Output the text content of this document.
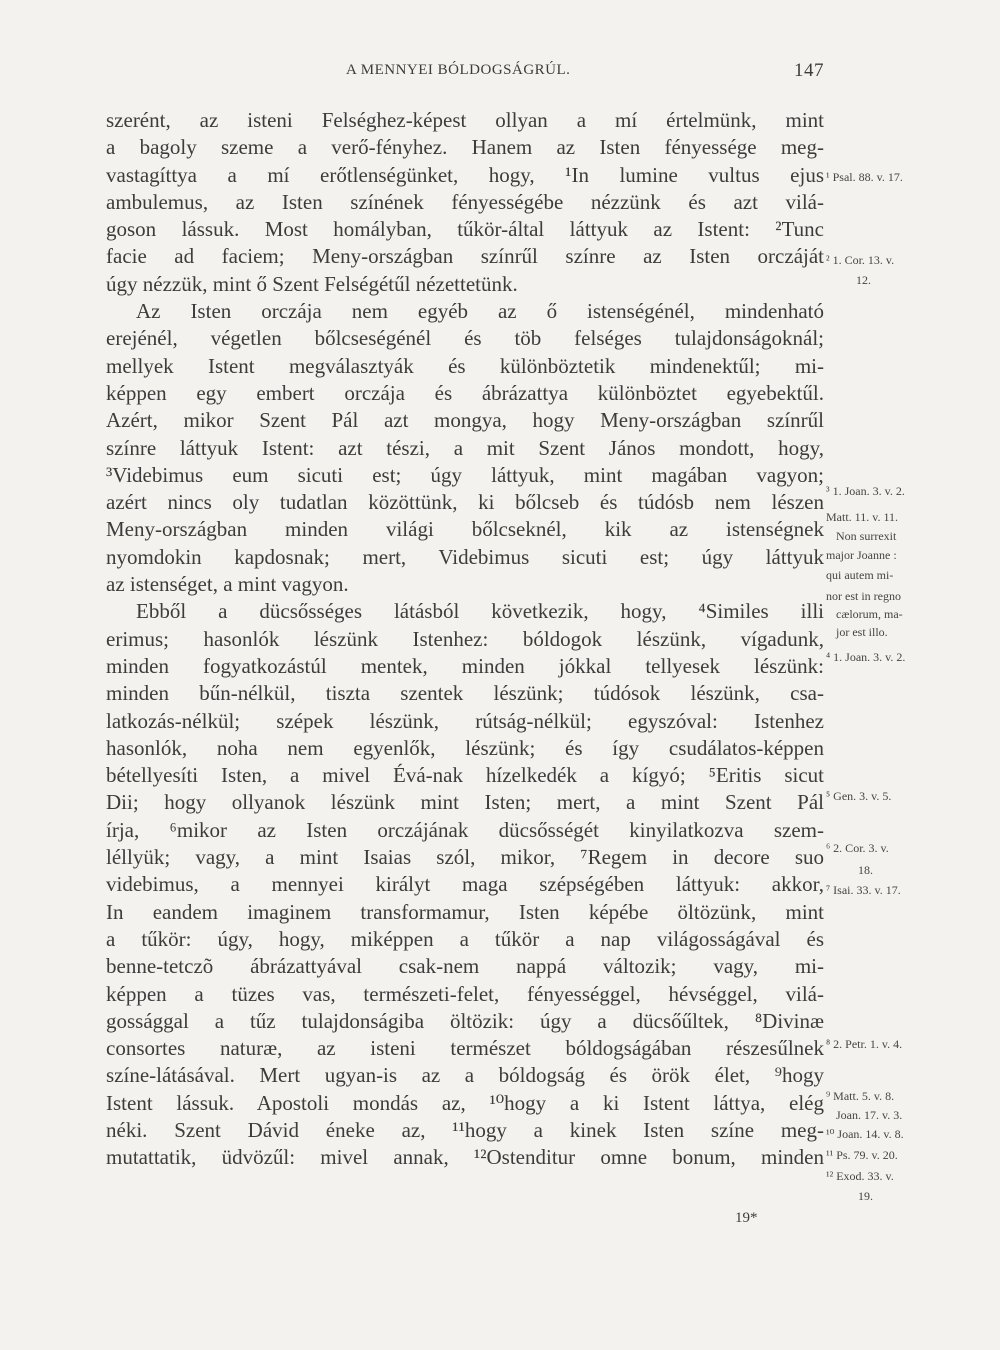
A MENNYEI BÓLDOGSÁGRÚL.	147
szerént, az isteni Felséghez-képest ollyan a mí értelmünk, mint
a bagoly szeme a verő-fényhez. Hanem az Isten fényessége meg-
vastagíttya a mí erőtlenségünket, hogy, ¹In lumine vultus ejus
ambulemus, az Isten színének fényességébe nézzünk és azt vilá-
goson lássuk. Most homályban, tűkör-által láttyuk az Istent: ²Tunc
facie ad faciem; Meny-országban színrűl színre az Isten orczáját
úgy nézzük, mint ő Szent Felségétűl nézettetünk.
Az Isten orczája nem egyéb az ő istenségénél, mindenható
erejénél, végetlen bőlcseségénél és töb felséges tulajdonságoknál;
mellyek Istent megválasztyák és különböztetik mindenektűl; mi-
képpen egy embert orczája és ábrázattya különböztet egyebektűl.
Azért, mikor Szent Pál azt mongya, hogy Meny-országban színrűl
színre láttyuk Istent: azt tészi, a mit Szent János mondott, hogy,
³Videbimus eum sicuti est; úgy láttyuk, mint magában vagyon;
azért nincs oly tudatlan közöttünk, ki bőlcseb és túdósb nem lészen
Meny-országban minden világi bőlcseknél, kik az istenségnek
nyomdokin kapdosnak; mert, Videbimus sicuti est; úgy láttyuk
az istenséget, a mint vagyon.
Ebből a dücsősséges látásból következik, hogy, ⁴Similes illi
erimus; hasonlók lészünk Istenhez: bóldogok lészünk, vígadunk,
minden fogyatkozástúl mentek, minden jókkal tellyesek lészünk:
minden bűn-nélkül, tiszta szentek lészünk; túdósok lészünk, csa-
latkozás-nélkül; szépek lészünk, rútság-nélkül; egyszóval: Istenhez
hasonlók, noha nem egyenlők, lészünk; és így csudálatos-képpen
bétellyesíti Isten, a mivel Évá-nak hízelkedék a kígyó; ⁵Eritis sicut
Dii; hogy ollyanok lészünk mint Isten; mert, a mint Szent Pál
írja, ⁶mikor az Isten orczájának dücsősségét kinyilatkozva szem-
léllyük; vagy, a mint Isaias szól, mikor, ⁷Regem in decore suo
videbimus, a mennyei királyt maga szépségében láttyuk: akkor,
In eandem imaginem transformamur, Isten képébe öltözünk, mint
a tűkör: úgy, hogy, miképpen a tűkör a nap világosságával és
benne-tetczõ ábrázattyával csak-nem nappá változik; vagy, mi-
képpen a tüzes vas, természeti-felet, fényességgel, hévséggel, vilá-
gossággal a tűz tulajdonságiba öltözik: úgy a dücsőűltek, ⁸Divinæ
consortes naturæ, az isteni természet bóldogságában részesűlnek
színe-látásával. Mert ugyan-is az a bóldogság és örök élet, ⁹hogy
Istent lássuk. Apostoli mondás az, ¹⁰hogy a ki Istent láttya, elég
néki. Szent Dávid éneke az, ¹¹hogy a kinek Isten színe meg-
mutattatik, üdvözűl: mivel annak, ¹²Ostenditur omne bonum, minden
¹ Psal. 88. v. 17.
² 1. Cor. 13. v.
12.
³ 1. Joan. 3. v. 2.
Matt. 11. v. 11.
Non surrexit
major Joanne :
qui autem mi-
nor est in regno
cælorum, ma-
jor est illo.
⁴ 1. Joan. 3. v. 2.
⁵ Gen. 3. v. 5.
⁶ 2. Cor. 3. v.
18.
⁷ Isai. 33. v. 17.
⁸ 2. Petr. 1. v. 4.
⁹ Matt. 5. v. 8.
Joan. 17. v. 3.
¹⁰ Joan. 14. v. 8.
¹¹ Ps. 79. v. 20.
¹² Exod. 33. v.
19.
19*
